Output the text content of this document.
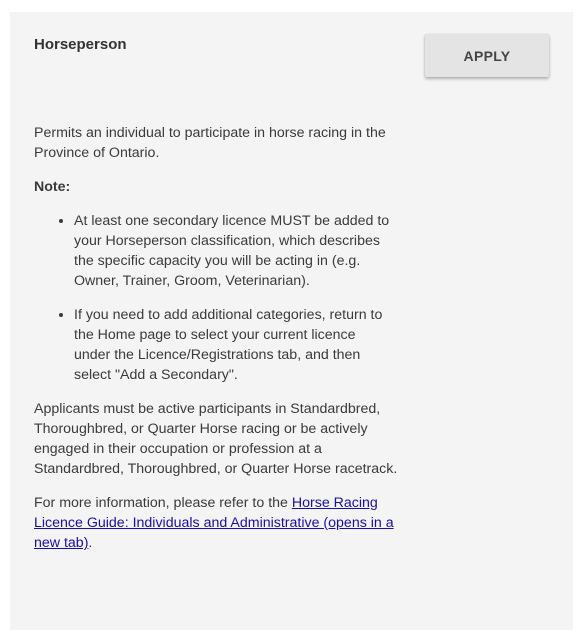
Horseperson
APPLY

Permits an individual to participate in horse racing in the Province of Ontario.

Note:

• At least one secondary licence MUST be added to your Horseperson classification, which describes the specific capacity you will be acting in (e.g. Owner, Trainer, Groom, Veterinarian).
• If you need to add additional categories, return to the Home page to select your current licence under the Licence/Registrations tab, and then select "Add a Secondary".

Applicants must be active participants in Standardbred, Thoroughbred, or Quarter Horse racing or be actively engaged in their occupation or profession at a Standardbred, Thoroughbred, or Quarter Horse racetrack.

For more information, please refer to the Horse Racing Licence Guide: Individuals and Administrative (opens in a new tab).
